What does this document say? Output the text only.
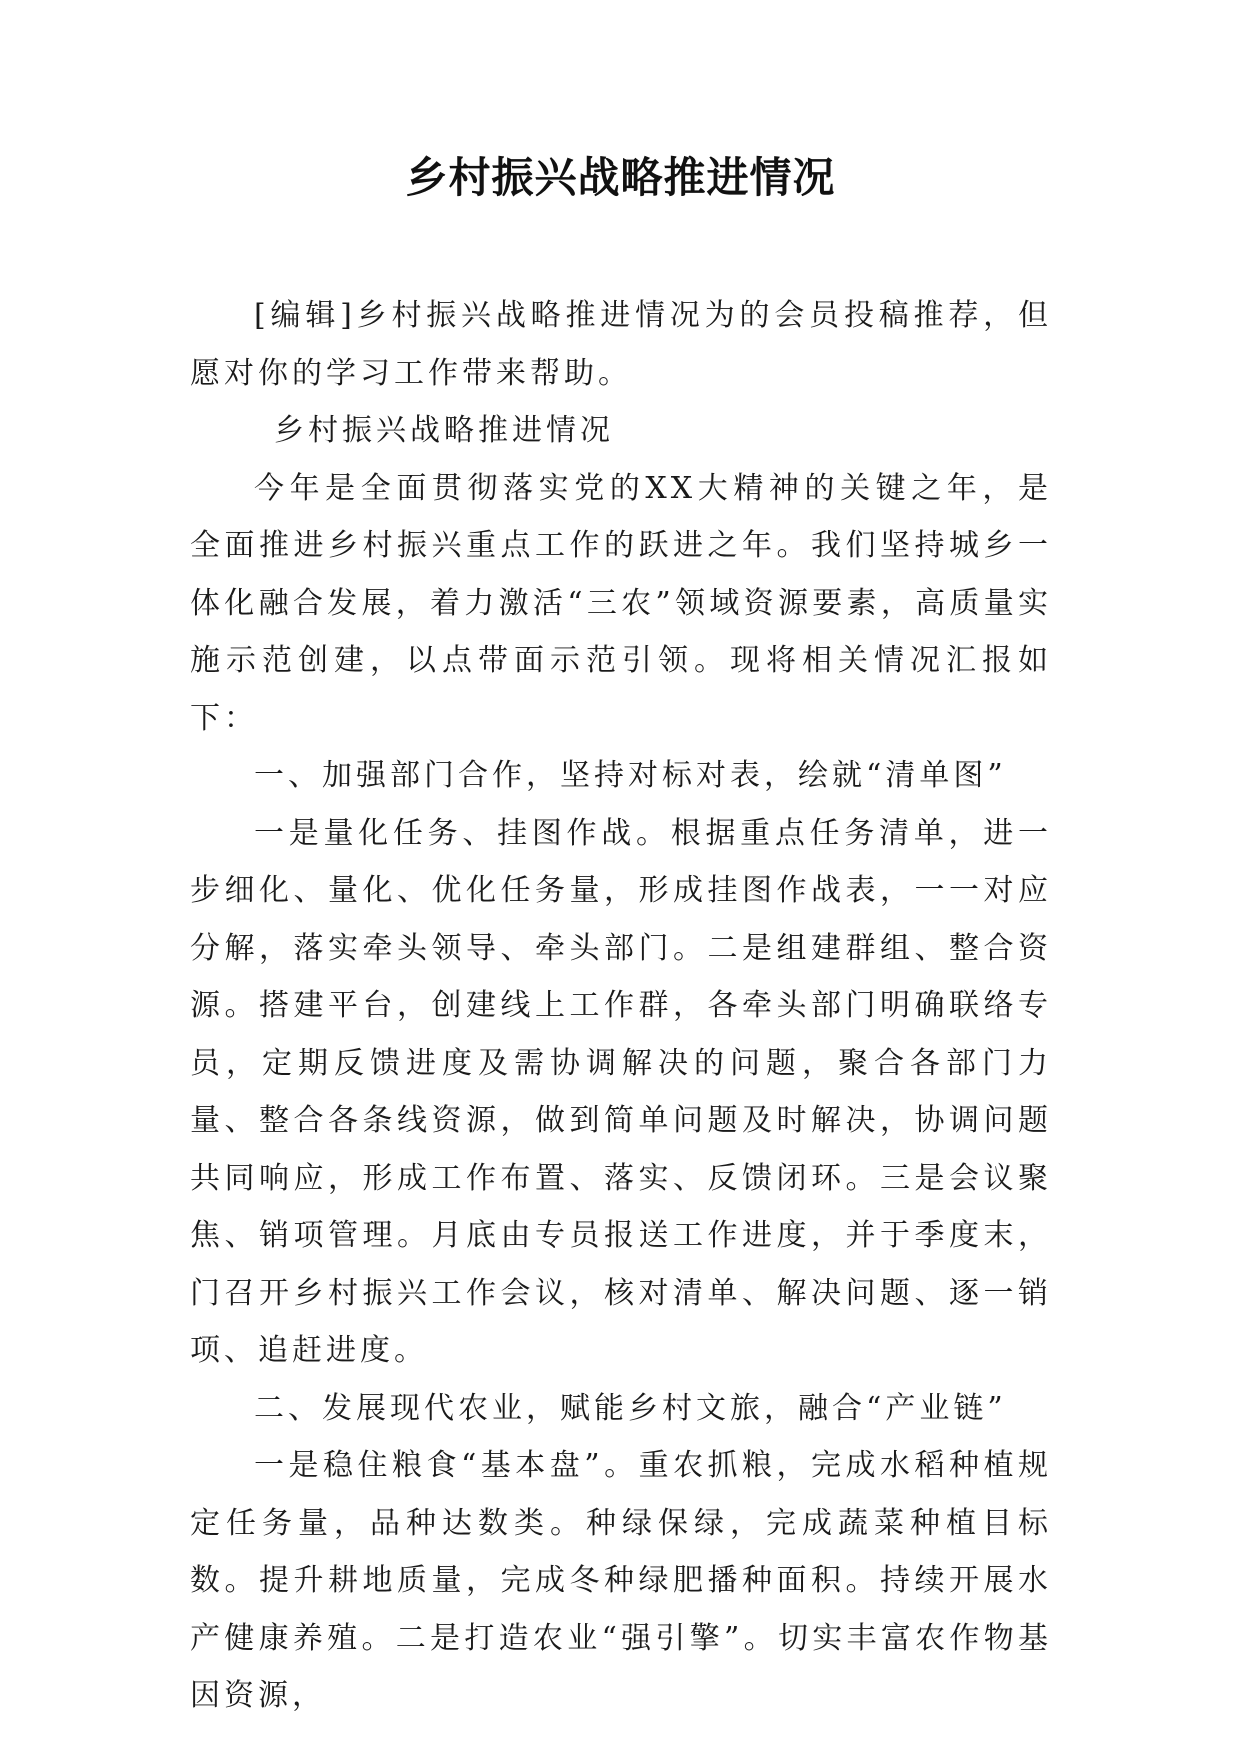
乡村振兴战略推进情况

[编辑]乡村振兴战略推进情况为的会员投稿推荐，但愿对你的学习工作带来帮助。

乡村振兴战略推进情况

今年是全面贯彻落实党的XX大精神的关键之年，是全面推进乡村振兴重点工作的跃进之年。我们坚持城乡一体化融合发展，着力激活“三农”领域资源要素，高质量实施示范创建，以点带面示范引领。现将相关情况汇报如下：

一、加强部门合作，坚持对标对表，绘就“清单图”

一是量化任务、挂图作战。根据重点任务清单，进一步细化、量化、优化任务量，形成挂图作战表，一一对应分解，落实牵头领导、牵头部门。二是组建群组、整合资源。搭建平台，创建线上工作群，各牵头部门明确联络专员，定期反馈进度及需协调解决的问题，聚合各部门力量、整合各条线资源，做到简单问题及时解决，协调问题共同响应，形成工作布置、落实、反馈闭环。三是会议聚焦、销项管理。月底由专员报送工作进度，并于季度末，门召开乡村振兴工作会议，核对清单、解决问题、逐一销项、追赶进度。

二、发展现代农业，赋能乡村文旅，融合“产业链”

一是稳住粮食“基本盘”。重农抓粮，完成水稻种植规定任务量，品种达数类。种绿保绿，完成蔬菜种植目标数。提升耕地质量，完成冬种绿肥播种面积。持续开展水产健康养殖。二是打造农业“强引擎”。切实丰富农作物基因资源，
